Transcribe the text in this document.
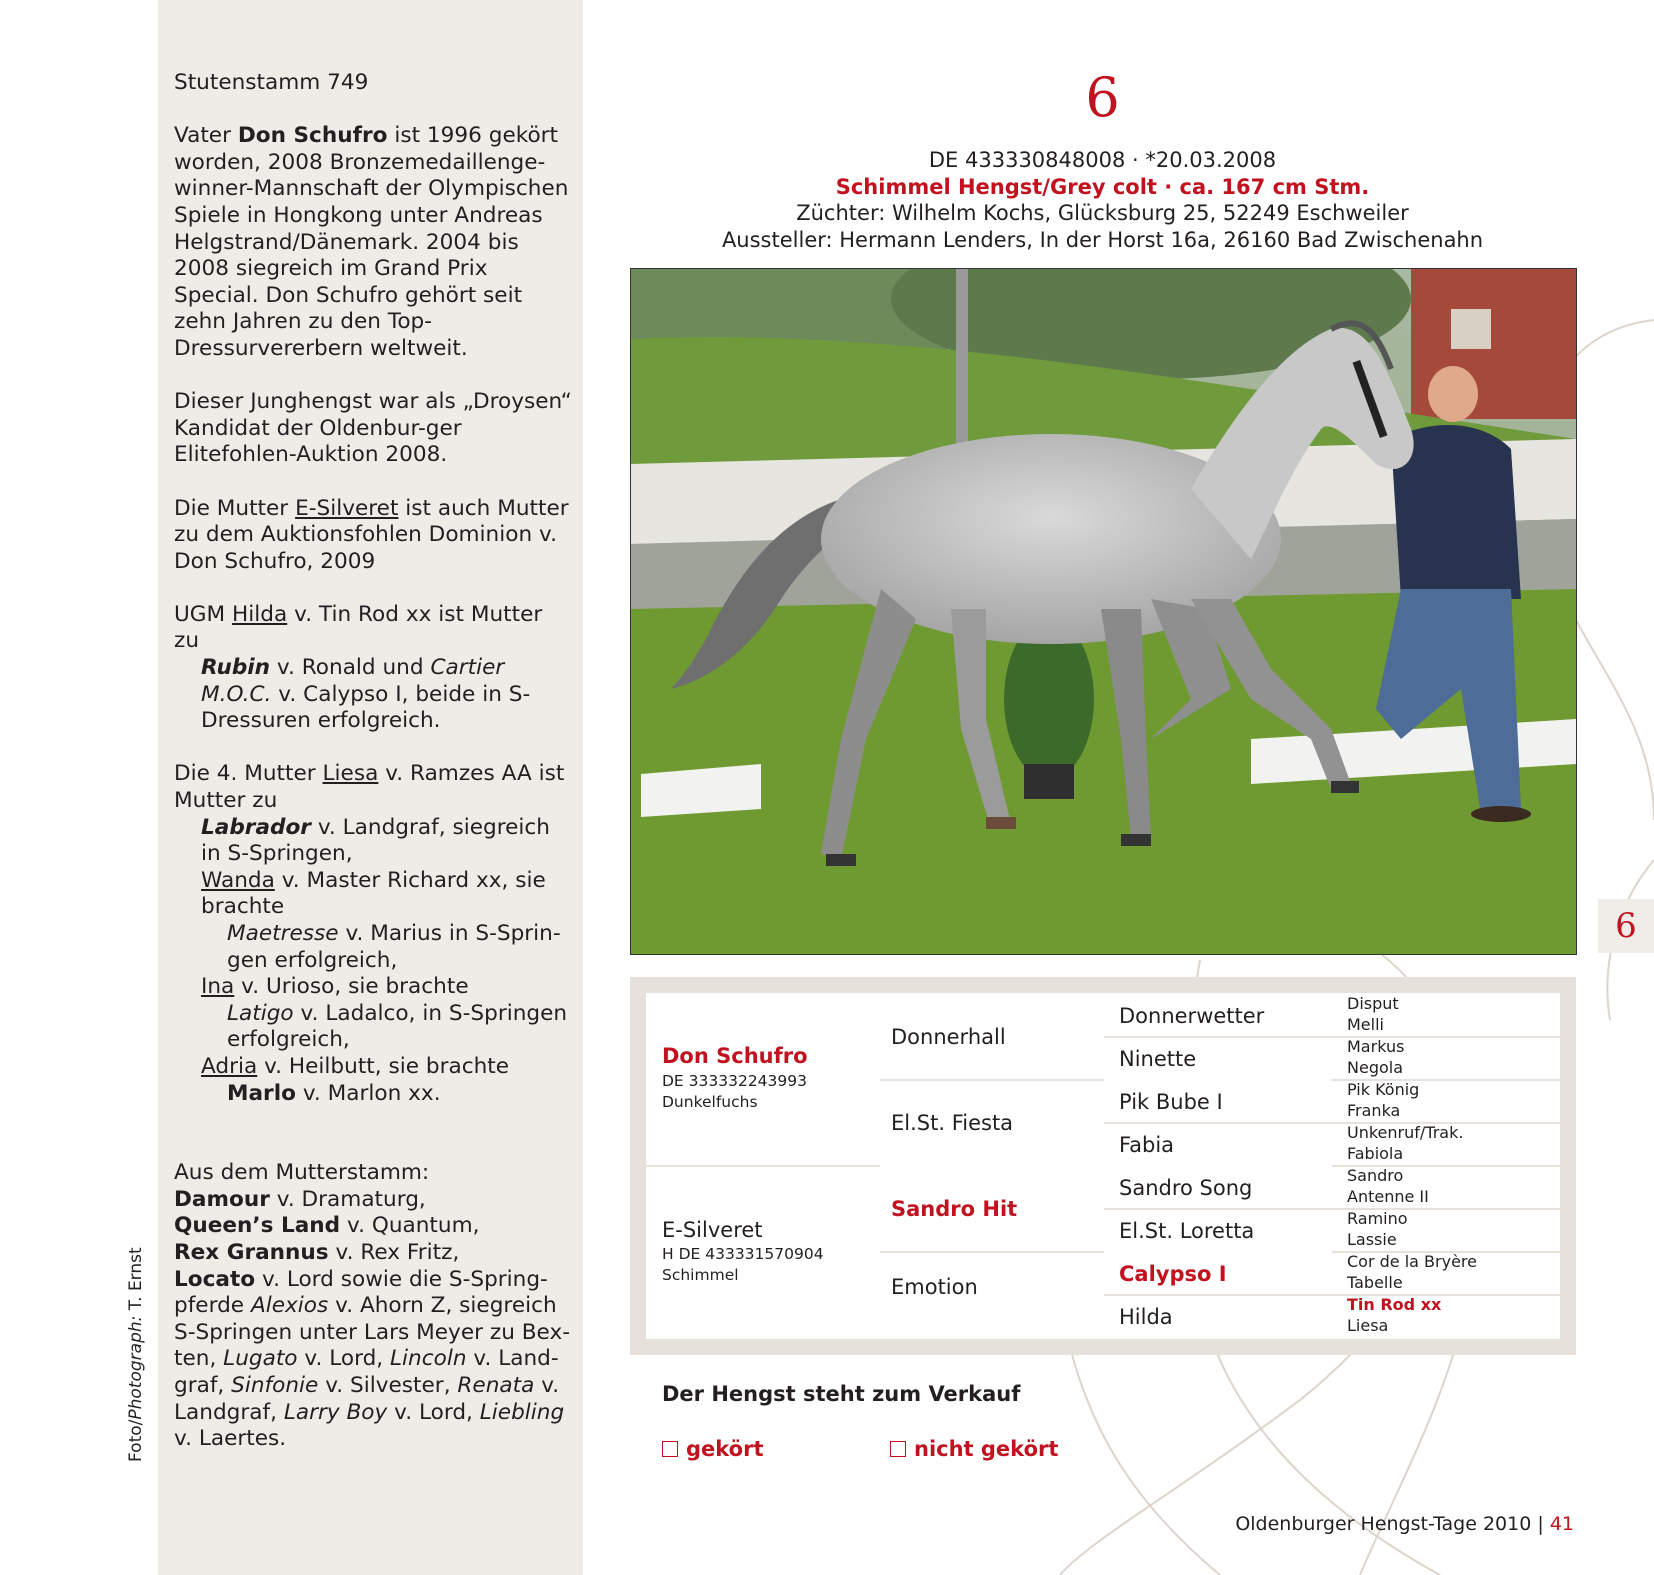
Stutenstamm 749

Vater Don Schufro ist 1996 gekört worden, 2008 Bronzemedaillenge-winner-Mannschaft der Olympischen Spiele in Hongkong unter Andreas Helgstrand/Dänemark. 2004 bis 2008 siegreich im Grand Prix Special. Don Schufro gehört seit zehn Jahren zu den Top-Dressurvererbern weltweit.

Dieser Junghengst war als „Droysen“ Kandidat der Oldenbur-ger Elitefohlen-Auktion 2008.

Die Mutter E-Silveret ist auch Mutter zu dem Auktionsfohlen Dominion v. Don Schufro, 2009

UGM Hilda v. Tin Rod xx ist Mutter zu

Rubin v. Ronald und Cartier M.O.C. v. Calypso I, beide in S-Dressuren erfolgreich.

Die 4. Mutter Liesa v. Ramzes AA ist Mutter zu

Labrador v. Landgraf, siegreich in S-Springen,

Wanda v. Master Richard xx, sie brachte

Maetresse v. Marius in S-Sprin-gen erfolgreich,

Ina v. Urioso, sie brachte

Latigo v. Ladalco, in S-Springen erfolgreich,

Adria v. Heilbutt, sie brachte

Marlo v. Marlon xx.

Aus dem Mutterstamm:

Damour v. Dramaturg,
Queen’s Land v. Quantum,
Rex Grannus v. Rex Fritz,
Locato v. Lord sowie die S-Spring-pferde Alexios v. Ahorn Z, siegreich S-Springen unter Lars Meyer zu Bex-ten, Lugato v. Lord, Lincoln v. Land-graf, Sinfonie v. Silvester, Renata v. Landgraf, Larry Boy v. Lord, Liebling v. Laertes.

Foto/Photograph: T. Ernst
6
DE 433330848008 · *20.03.2008
Schimmel Hengst/Grey colt · ca. 167 cm Stm.
Züchter: Wilhelm Kochs, Glücksburg 25, 52249 Eschweiler
Aussteller: Hermann Lenders, In der Horst 16a, 26160 Bad Zwischenahn
6
Don Schufro
DE 333332243993
Dunkelfuchs
E-Silveret
H DE 433331570904
Schimmel
Donnerhall
El.St. Fiesta
Sandro Hit
Emotion
Donnerwetter
Ninette
Pik Bube I
Fabia
Sandro Song
El.St. Loretta
Calypso I
Hilda
Disput
Melli
Markus
Negola
Pik König
Franka
Unkenruf/Trak.
Fabiola
Sandro
Antenne II
Ramino
Lassie
Cor de la Bryère
Tabelle
Tin Rod xx
Liesa
Der Hengst steht zum Verkauf
gekört	nicht gekört
Oldenburger Hengst-Tage 2010 | 41
